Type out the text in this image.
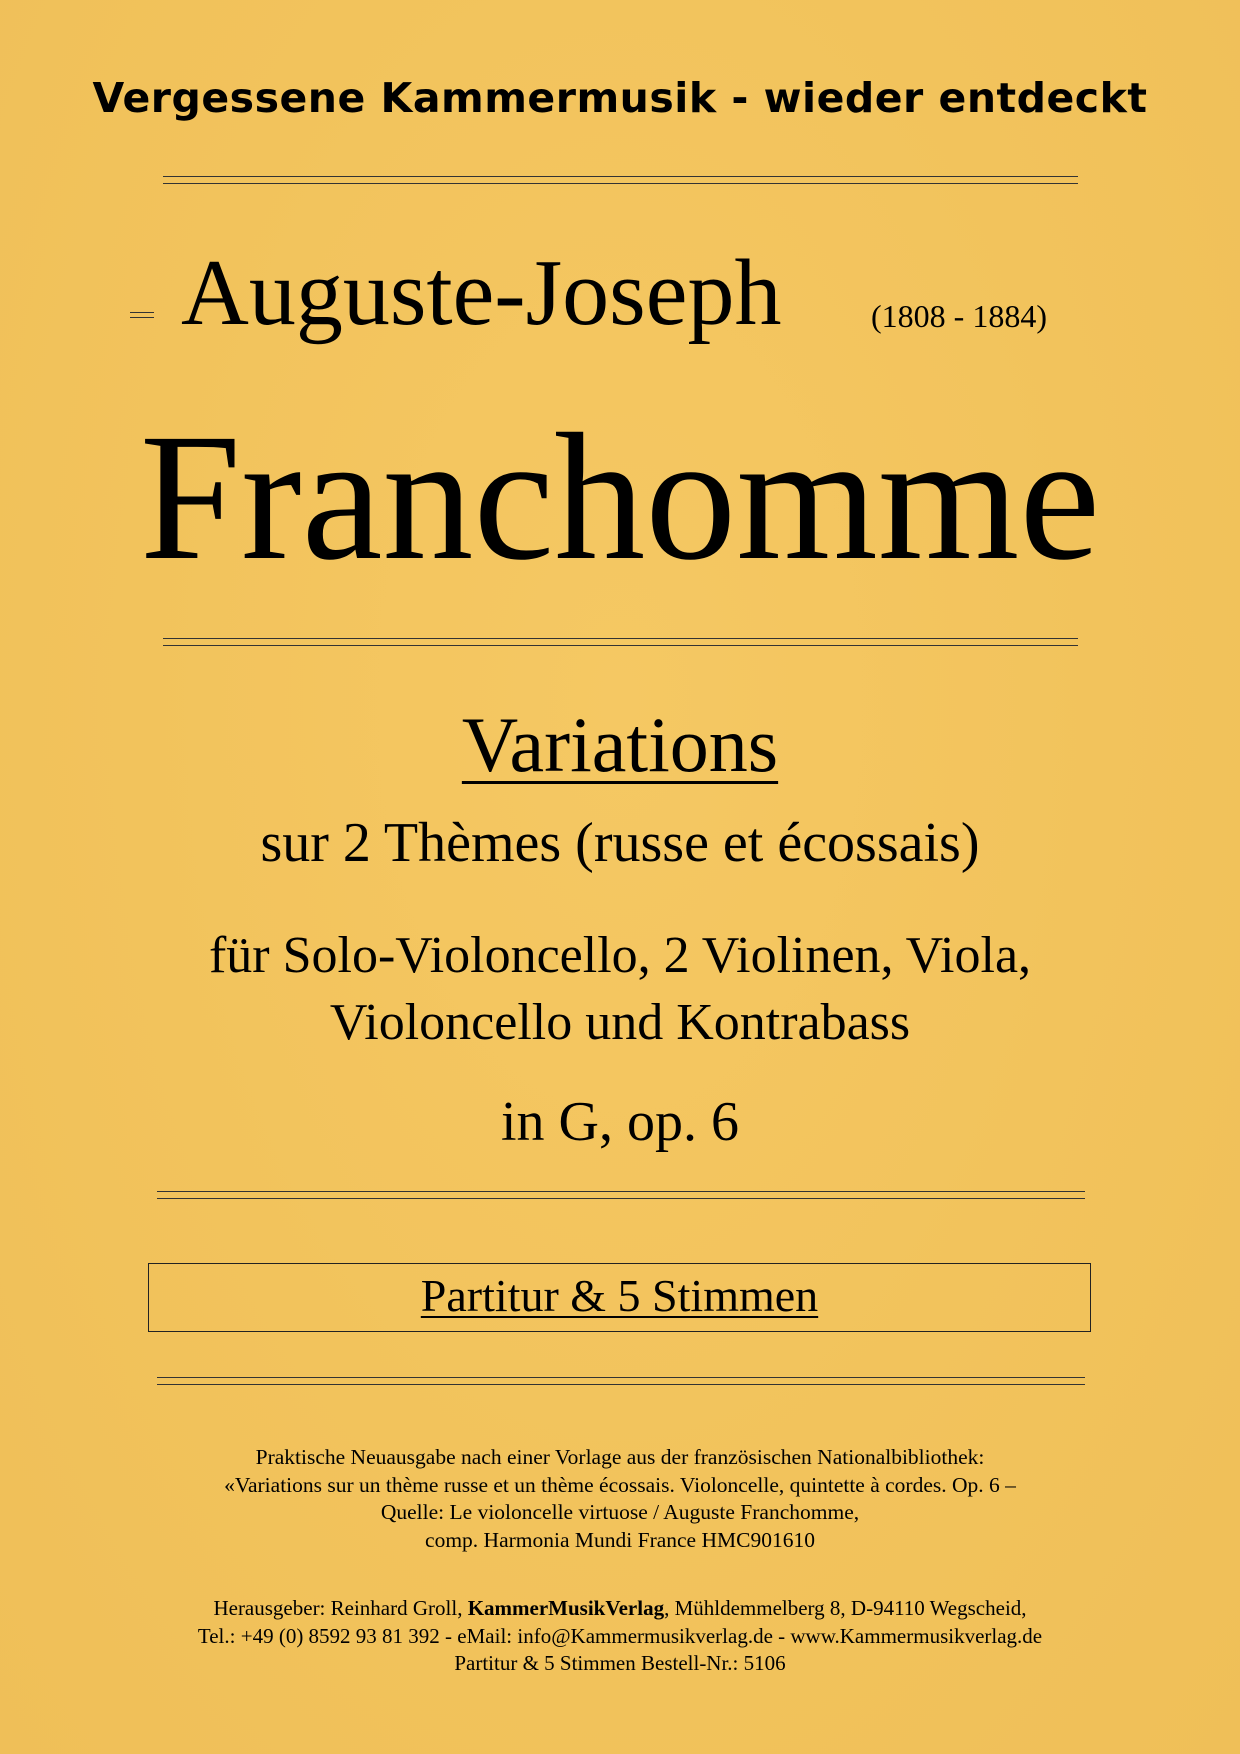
Vergessene Kammermusik - wieder entdeckt
Auguste-Joseph	(1808 - 1884)
Franchomme
Variations
sur 2 Thèmes (russe et écossais)
für Solo-Violoncello, 2 Violinen, Viola,
Violoncello und Kontrabass
in G, op. 6
Partitur & 5 Stimmen
Praktische Neuausgabe nach einer Vorlage aus der französischen Nationalbibliothek:
«Variations sur un thème russe et un thème écossais. Violoncelle, quintette à cordes. Op. 6 –
Quelle: Le violoncelle virtuose / Auguste Franchomme,
comp. Harmonia Mundi France HMC901610
Herausgeber: Reinhard Groll, KammerMusikVerlag, Mühldemmelberg 8, D-94110 Wegscheid,
Tel.: +49 (0) 8592 93 81 392 - eMail: info@Kammermusikverlag.de - www.Kammermusikverlag.de
Partitur & 5 Stimmen Bestell-Nr.: 5106
